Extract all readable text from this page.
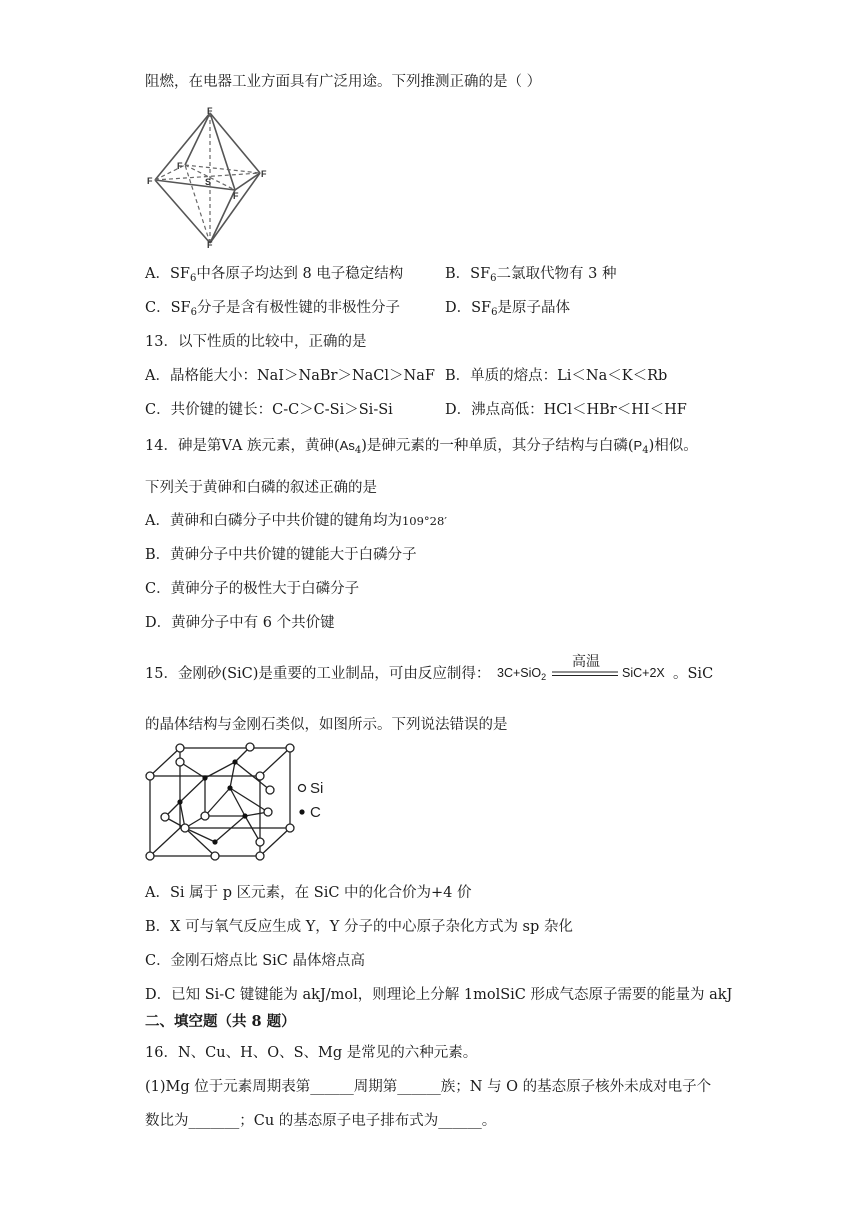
阻燃，在电器工业方面具有广泛用途。下列推测正确的是（ ）
F
F
F
F
F
F
S
A．$SF_6$中各原子均达到 8 电子稳定结构	B．$SF_6$二氯取代物有 3 种
C．$SF_6$分子是含有极性键的非极性分子	D．$SF_6$是原子晶体
13．以下性质的比较中，正确的是
A．晶格能大小：NaI＞NaBr＞NaCl＞NaF B．单质的熔点：Li＜Na＜K＜Rb
C．共价键的键长：C-C＞C-Si＞Si-Si	D．沸点高低：HCl＜HBr＜HI＜HF
14．砷是第ⅤA 族元素，黄砷$(As_4)$是砷元素的一种单质，其分子结构与白磷$(P_4)$相似。
下列关于黄砷和白磷的叙述正确的是
A．黄砷和白磷分子中共价键的键角均为109°28′
B．黄砷分子中共价键的键能大于白磷分子
C．黄砷分子的极性大于白磷分子
D．黄砷分子中有 6 个共价键
15．金刚砂(SiC)是重要的工业制品，可由反应制得： 3C+SiO$_2$
高温
SiC+2X 。SiC
的晶体结构与金刚石类似，如图所示。下列说法错误的是
Si
C
A．Si 属于 p 区元素，在 SiC 中的化合价为+4 价
B．X 可与氧气反应生成 Y，Y 分子的中心原子杂化方式为 sp 杂化
C．金刚石熔点比 SiC 晶体熔点高
D．已知 Si-C 键键能为 akJ/mol，则理论上分解 1molSiC 形成气态原子需要的能量为 akJ
二、填空题（共 8 题）
16．N、Cu、H、O、S、Mg 是常见的六种元素。
(1)Mg 位于元素周期表第______周期第______族；N 与 O 的基态原子核外未成对电子个
数比为_______；Cu 的基态原子电子排布式为______。
